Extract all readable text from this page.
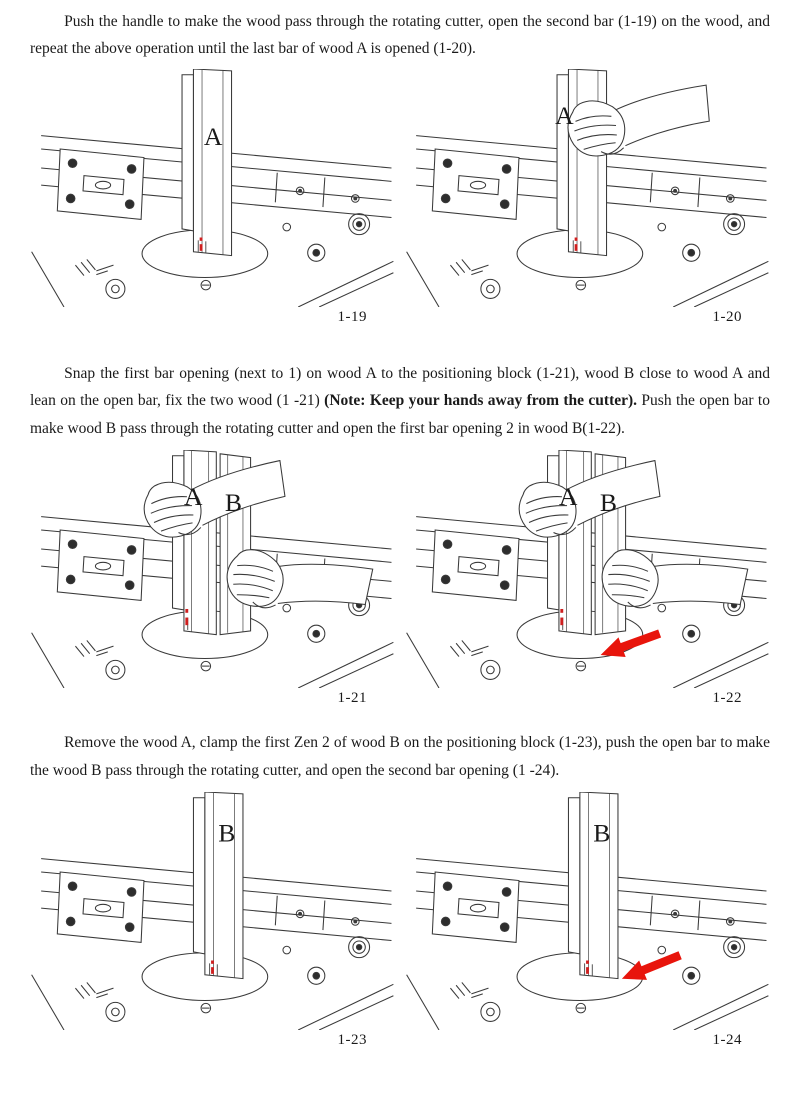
Push the handle to make the wood pass through the rotating cutter, open the second bar (1-19) on the wood, and repeat the above operation until the last bar of wood A is opened (1-20).

A
1-19
A
1-20

Snap the first bar opening (next to 1) on wood A to the positioning block (1-21), wood B close to wood A and lean on the open bar, fix the two wood (1 -21) (Note: Keep your hands away from the cutter). Push the open bar to make wood B pass through the rotating cutter and open the first bar opening 2 in wood B(1-22).

A B
1-21
A B
1-22

Remove the wood A, clamp the first Zen 2 of wood B on the positioning block (1-23), push the open bar to make the wood B pass through the rotating cutter, and open the second bar opening (1 -24).

B
1-23
B
1-24
